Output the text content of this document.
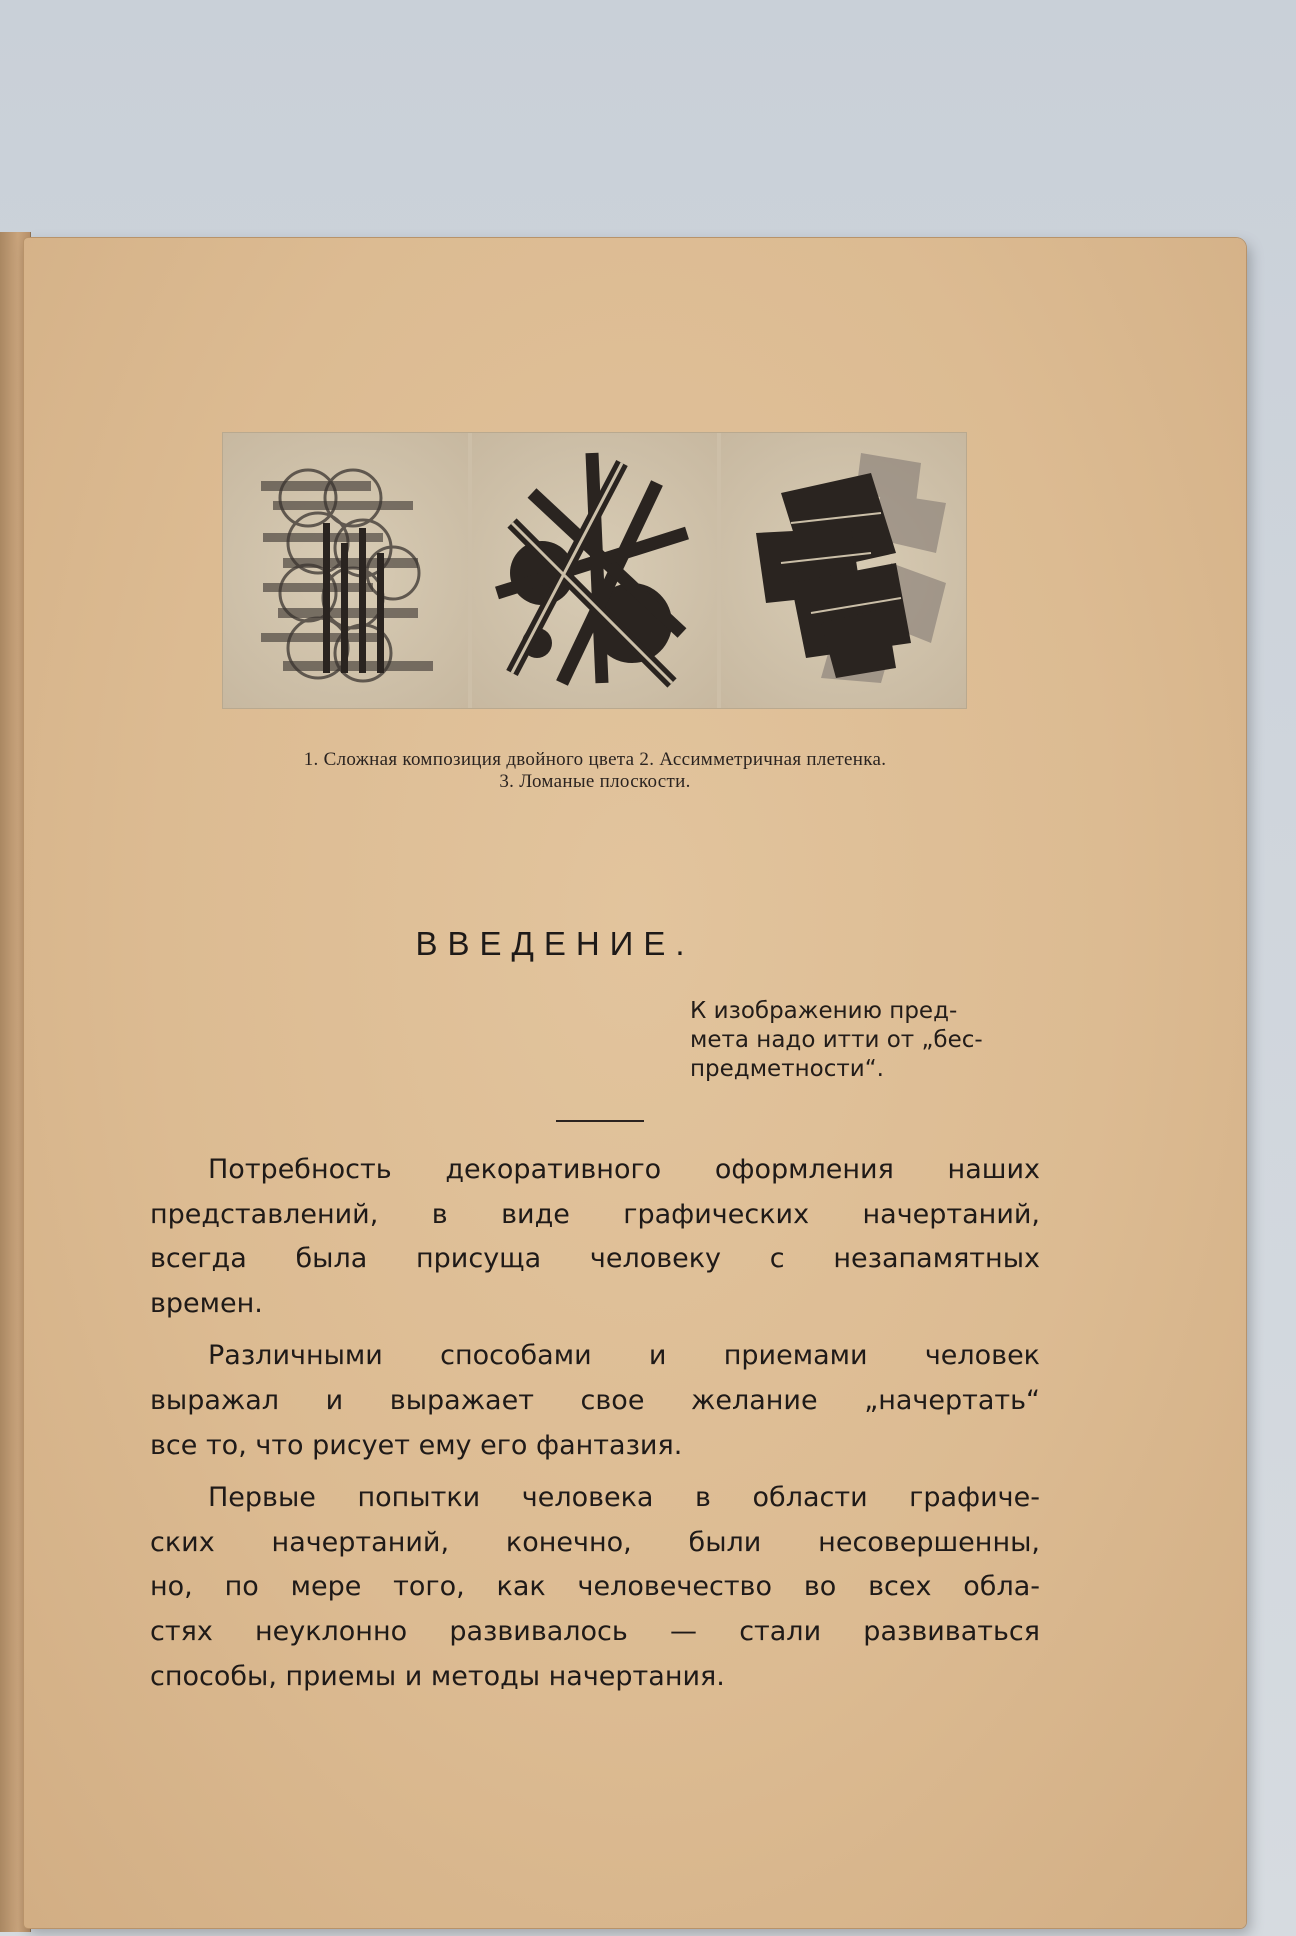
1. Сложная композиция двойного цвета 2. Ассимметричная плетенка.
3. Ломаные плоскости.
ВВЕДЕНИЕ.
К изображению пред-
мета надо итти от „бес-
предметности“.

Потребность декоративного оформления наших

представлений, в виде графических начертаний,

всегда была присуща человеку с незапамятных

времен.

Различными способами и приемами человек

выражал и выражает свое желание „начертать“

все то, что рисует ему его фантазия.

Первые попытки человека в области графиче-

ских начертаний, конечно, были несовершенны,

но, по мере того, как человечество во всех обла-

стях неуклонно развивалось — стали развиваться

способы, приемы и методы начертания.
